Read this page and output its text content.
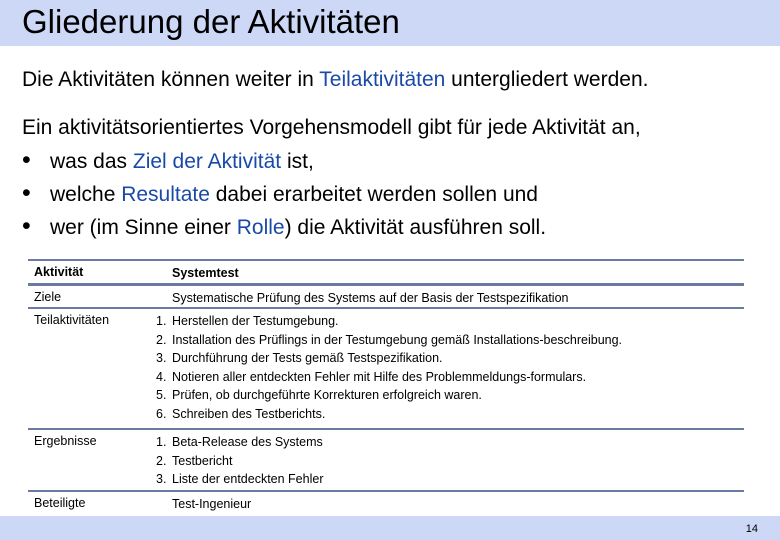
Gliederung der Aktivitäten
Die Aktivitäten können weiter in Teilaktivitäten untergliedert werden.
Ein aktivitätsorientiertes Vorgehensmodell gibt für jede Aktivität an,
• was das Ziel der Aktivität ist,
• welche Resultate dabei erarbeitet werden sollen und
• wer (im Sinne einer Rolle) die Aktivität ausführen soll.
Aktivität	Systemtest
Ziele	Systematische Prüfung des Systems auf der Basis der Testspezifikation
Teilaktivitäten	1. Herstellen der Testumgebung.
2. Installation des Prüflings in der Testumgebung gemäß Installations-beschreibung.
3. Durchführung der Tests gemäß Testspezifikation.
4. Notieren aller entdeckten Fehler mit Hilfe des Problemmeldungs-formulars.
5. Prüfen, ob durchgeführte Korrekturen erfolgreich waren.
6. Schreiben des Testberichts.
Ergebnisse	1. Beta-Release des Systems
2. Testbericht
3. Liste der entdeckten Fehler
Beteiligte	Test-Ingenieur
14
